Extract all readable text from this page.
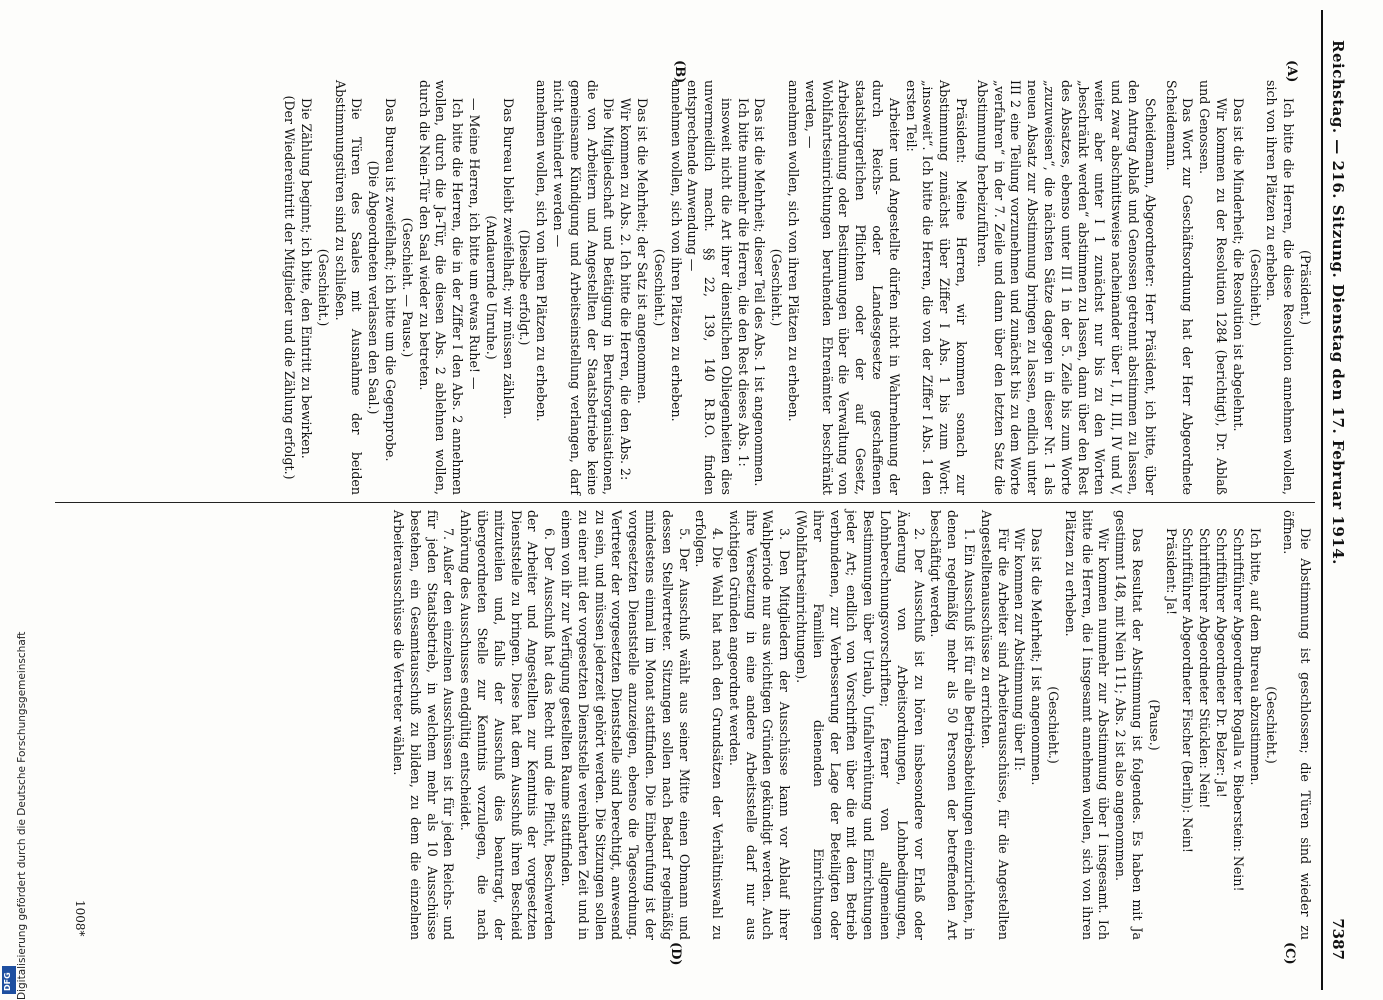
Reichstag. — 216. Sitzung. Dienstag den 17. Februar 1914.
7387
(A)
(B)
(C)
(D)

(Präsident.)

Ich bitte die Herren, die diese Resolution annehmen wollen, sich von ihren Plätzen zu erheben.

(Geschieht.)

Das ist die Minderheit; die Resolution ist abgelehnt.

Wir kommen zu der Resolution 1284 (berichtigt), Dr. Ablaß und Genossen.

Das Wort zur Geschäftsordnung hat der Herr Abgeordnete Scheidemann.

Scheidemann, Abgeordneter: Herr Präsident, ich bitte, über den Antrag Ablaß und Genossen getrennt abstimmen zu lassen, und zwar abschnittsweise nacheinander über I, II, III, IV und V, weiter aber unter I 1 zunächst nur bis zu den Worten „beschränkt werden“ abstimmen zu lassen, dann über den Rest des Absatzes, ebenso unter III 1 in der 5. Zeile bis zum Worte „zuzuweisen“, die nächsten Sätze dagegen in dieser Nr. 1 als neuen Absatz zur Abstimmung bringen zu lassen, endlich unter III 2 eine Teilung vorzunehmen und zunächst bis zu dem Worte „verfahren“ in der 7. Zeile und dann über den letzten Satz die Abstimmung herbeizuführen.

Präsident: Meine Herren, wir kommen sonach zur Abstimmung zunächst über Ziffer I Abs. 1 bis zum Wort: „insoweit“. Ich bitte die Herren, die von der Ziffer I Abs. 1 den ersten Teil:

Arbeiter und Angestellte dürfen nicht in Wahrnehmung der durch Reichs- oder Landesgesetze geschaffenen staatsbürgerlichen Pflichten oder der auf Gesetz, Arbeitsordnung oder Bestimmungen über die Verwaltung von Wohlfahrtseinrichtungen beruhenden Ehrenämter beschränkt werden, —

annehmen wollen, sich von ihren Plätzen zu erheben.

(Geschieht.)

Das ist die Mehrheit; dieser Teil des Abs. 1 ist angenommen.

Ich bitte nunmehr die Herren, die den Rest dieses Abs. 1:

insoweit nicht die Art ihrer dienstlichen Obliegenheiten dies unvermeidlich macht. §§ 22, 139, 140 R.B.O. finden entsprechende Anwendung —

annehmen wollen, sich von ihren Plätzen zu erheben.

(Geschieht.)

Das ist die Mehrheit; der Satz ist angenommen.

Wir kommen zu Abs. 2. Ich bitte die Herren, die den Abs. 2:

Die Mitgliedschaft und Betätigung in Berufsorganisationen, die von Arbeitern und Angestellten der Staatsbetriebe keine gemeinsame Kündigung und Arbeitseinstellung verlangen, darf nicht gehindert werden —

annehmen wollen, sich von ihren Plätzen zu erheben.

(Dieselbe erfolgt.)

Das Bureau bleibt zweifelhaft; wir müssen zählen.

(Andauernde Unruhe.)

— Meine Herren, ich bitte um etwas Ruhe! —

Ich bitte die Herren, die in der Ziffer I den Abs. 2 annehmen wollen, durch die Ja-Tür, die diesen Abs. 2 ablehnen wollen, durch die Nein-Tür den Saal wieder zu betreten.

(Geschieht. — Pause.)

Das Bureau ist zweifelhaft; ich bitte um die Gegenprobe.

(Die Abgeordneten verlassen den Saal.)

Die Türen des Saales mit Ausnahme der beiden Abstimmungstüren sind zu schließen.

(Geschieht.)

Die Zählung beginnt; ich bitte, den Eintritt zu bewirken.

(Der Wiedereintritt der Mitglieder und die Zählung erfolgt.)

Die Abstimmung ist geschlossen; die Türen sind wieder zu öffnen.

(Geschieht.)

Ich bitte, auf dem Bureau abzustimmen.

Schriftführer Abgeordneter Rogalla v. Bieberstein: Nein!

Schriftführer Abgeordneter Dr. Belzer: Ja!

Schriftführer Abgeordneter Stücklen: Nein!

Schriftführer Abgeordneter Fischer (Berlin): Nein!

Präsident: Ja!

(Pause.)

Das Resultat der Abstimmung ist folgendes. Es haben mit Ja gestimmt 148, mit Nein 111; Abs. 2 ist also angenommen.

Wir kommen nunmehr zur Abstimmung über I insgesamt. Ich bitte die Herren, die I insgesamt annehmen wollen, sich von ihren Plätzen zu erheben.

(Geschieht.)

Das ist die Mehrheit; I ist angenommen.

Wir kommen zur Abstimmung über II:

Für die Arbeiter sind Arbeiterausschüsse, für die Angestellten Angestelltenausschüsse zu errichten.

1. Ein Ausschuß ist für alle Betriebsabteilungen einzurichten, in denen regelmäßig mehr als 50 Personen der betreffenden Art beschäftigt werden.

2. Der Ausschuß ist zu hören insbesondere vor Erlaß oder Änderung von Arbeitsordnungen, Lohnbedingungen, Lohnberechnungsvorschriften; ferner von allgemeinen Bestimmungen über Urlaub, Unfallverhütung und Einrichtungen jeder Art; endlich von Vorschriften über die mit dem Betrieb verbundenen, zur Verbesserung der Lage der Beteiligten oder ihrer Familien dienenden Einrichtungen (Wohlfahrtseinrichtungen).

3. Den Mitgliedern der Ausschüsse kann vor Ablauf ihrer Wahlperiode nur aus wichtigen Gründen gekündigt werden. Auch ihre Versetzung in eine andere Arbeitsstelle darf nur aus wichtigen Gründen angeordnet werden.

4. Die Wahl hat nach den Grundsätzen der Verhältniswahl zu erfolgen.

5. Der Ausschuß wählt aus seiner Mitte einen Obmann und dessen Stellvertreter. Sitzungen sollen nach Bedarf regelmäßig mindestens einmal im Monat stattfinden. Die Einberufung ist der vorgesetzten Dienststelle anzuzeigen, ebenso die Tagesordnung. Vertreter der vorgesetzten Dienststelle sind berechtigt, anwesend zu sein, und müssen jederzeit gehört werden. Die Sitzungen sollen zu einer mit der vorgesetzten Dienststelle vereinbarten Zeit und in einem von ihr zur Verfügung gestellten Raume stattfinden.

6. Der Ausschuß hat das Recht und die Pflicht, Beschwerden der Arbeiter und Angestellten zur Kenntnis der vorgesetzten Dienststelle zu bringen. Diese hat dem Ausschuß ihren Bescheid mitzuteilen und, falls der Ausschuß dies beantragt, der übergeordneten Stelle zur Kenntnis vorzulegen, die nach Anhörung des Ausschusses endgültig entscheidet.

7. Außer den einzelnen Ausschüssen ist für jeden Reichs- und für jeden Staatsbetrieb, in welchem mehr als 10 Ausschüsse bestehen, ein Gesamtausschuß zu bilden, zu dem die einzelnen Arbeiterausschüsse die Vertreter wählen.

1008*
Digitalisierung gefördert durch die Deutsche Forschungsgemeinschaft
DFG
